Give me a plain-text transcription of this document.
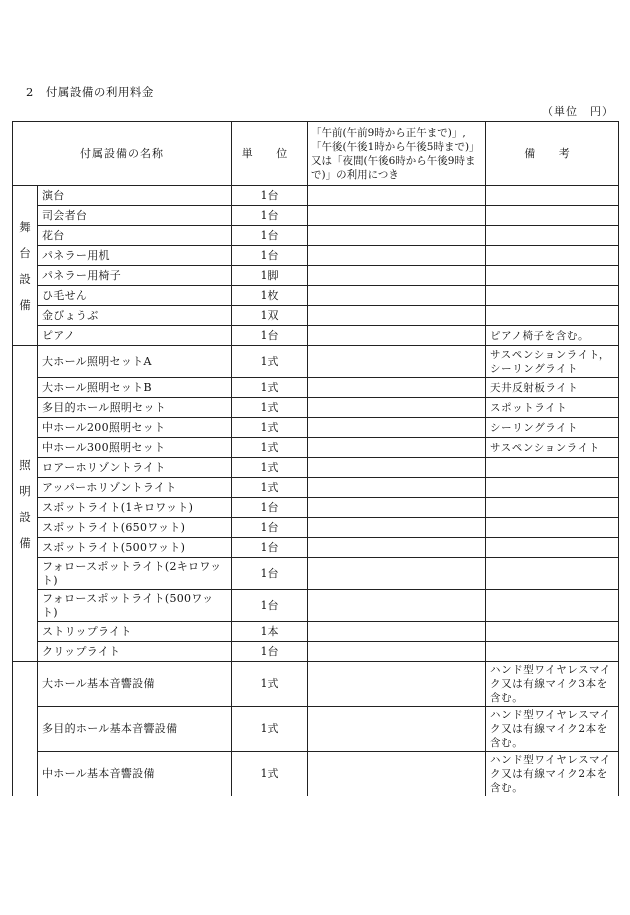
2　付属設備の利用料金
（単位　円）
付属設備の名称		単 位	「午前(午前9時から正午まで)」,「午後(午後1時から午後5時まで)」又は「夜間(午後6時から午後9時まで)」の利用につき	備 考

舞
台
設
備	演台	1台		
	司会者台	1台		
	花台	1台		
	パネラー用机	1台		
	パネラー用椅子	1脚		
	ひ毛せん	1枚		
	金びょうぶ	1双		
	ピアノ	1台		ピアノ椅子を含む。

照
明
設
備	大ホール照明セットA	1式		サスペンションライト，シーリングライト
	大ホール照明セットB	1式		天井反射板ライト
	多目的ホール照明セット	1式		スポットライト
	中ホール200照明セット	1式		シーリングライト
	中ホール300照明セット	1式		サスペンションライト
	ロアーホリゾントライト	1式		
	アッパーホリゾントライト	1式		
	スポットライト(1キロワット)	1台		
	スポットライト(650ワット)	1台		
	スポットライト(500ワット)	1台		
	フォロースポットライト(2キロワット)	1台		
	フォロースポットライト(500ワット)	1台		
	ストリップライト	1本		
	クリップライト	1台		
	大ホール基本音響設備	1式		ハンド型ワイヤレスマイク又は有線マイク3本を含む。
	多目的ホール基本音響設備	1式		ハンド型ワイヤレスマイク又は有線マイク2本を含む。
	中ホール基本音響設備	1式		ハンド型ワイヤレスマイク又は有線マイク2本を含む。
